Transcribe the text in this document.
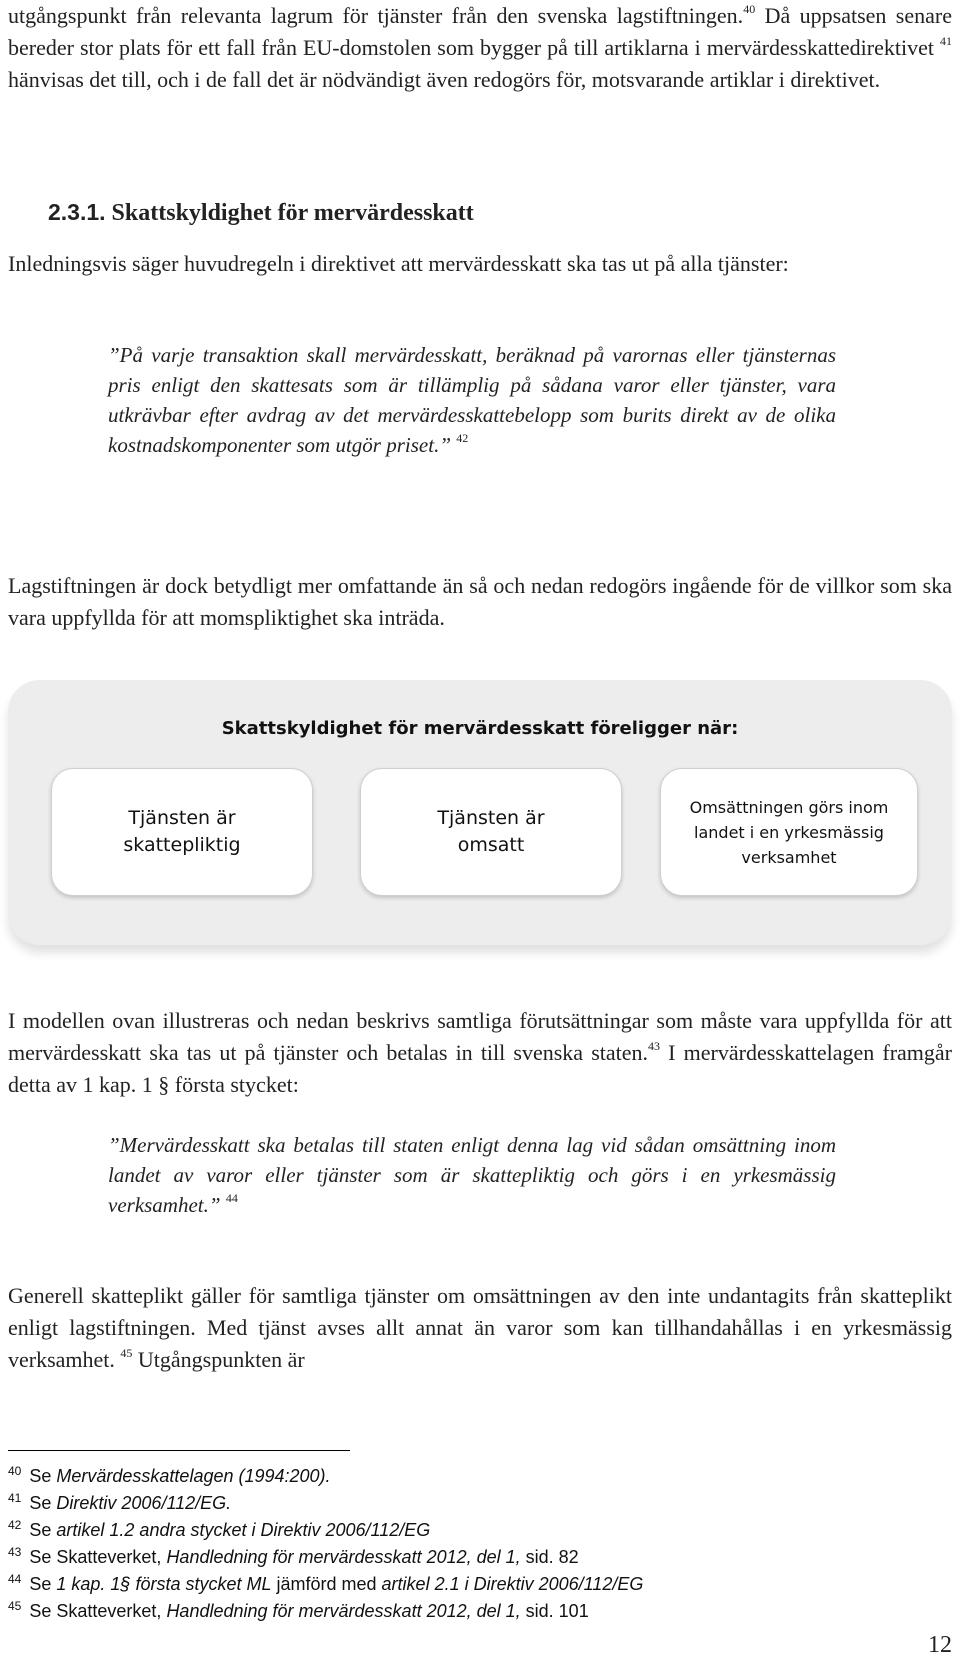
utgångspunkt från relevanta lagrum för tjänster från den svenska lagstiftningen.$^{40}$ Då uppsatsen senare bereder stor plats för ett fall från EU-domstolen som bygger på till artiklarna i mervärdesskattedirektivet $^{41}$ hänvisas det till, och i de fall det är nödvändigt även redogörs för, motsvarande artiklar i direktivet.

2.3.1. Skattskyldighet för mervärdesskatt

Inledningsvis säger huvudregeln i direktivet att mervärdesskatt ska tas ut på alla tjänster:

”På varje transaktion skall mervärdesskatt, beräknad på varornas eller tjänsternas pris enligt den skattesats som är tillämplig på sådana varor eller tjänster, vara utkrävbar efter avdrag av det mervärdesskattebelopp som burits direkt av de olika kostnadskomponenter som utgör priset.” $^{42}$

Lagstiftningen är dock betydligt mer omfattande än så och nedan redogörs ingående för de villkor som ska vara uppfyllda för att momspliktighet ska inträda.

Skattskyldighet för mervärdesskatt föreligger när:
Tjänsten är
skattepliktig
Tjänsten är
omsatt
Omsättningen görs inom
landet i en yrkesmässig
verksamhet

I modellen ovan illustreras och nedan beskrivs samtliga förutsättningar som måste vara uppfyllda för att mervärdesskatt ska tas ut på tjänster och betalas in till svenska staten.$^{43}$ I mervärdesskattelagen framgår detta av 1 kap. 1 § första stycket:

”Mervärdesskatt ska betalas till staten enligt denna lag vid sådan omsättning inom landet av varor eller tjänster som är skattepliktig och görs i en yrkesmässig verksamhet.” $^{44}$

Generell skatteplikt gäller för samtliga tjänster om omsättningen av den inte undantagits från skatteplikt enligt lagstiftningen. Med tjänst avses allt annat än varor som kan tillhandahållas i en yrkesmässig verksamhet. $^{45}$ Utgångspunkten är

$^{40}$ Se Mervärdesskattelagen (1994:200).
$^{41}$ Se Direktiv 2006/112/EG.
$^{42}$ Se artikel 1.2 andra stycket i Direktiv 2006/112/EG
$^{43}$ Se Skatteverket, Handledning för mervärdesskatt 2012, del 1, sid. 82
$^{44}$ Se 1 kap. 1§ första stycket ML jämförd med artikel 2.1 i Direktiv 2006/112/EG
$^{45}$ Se Skatteverket, Handledning för mervärdesskatt 2012, del 1, sid. 101
12
